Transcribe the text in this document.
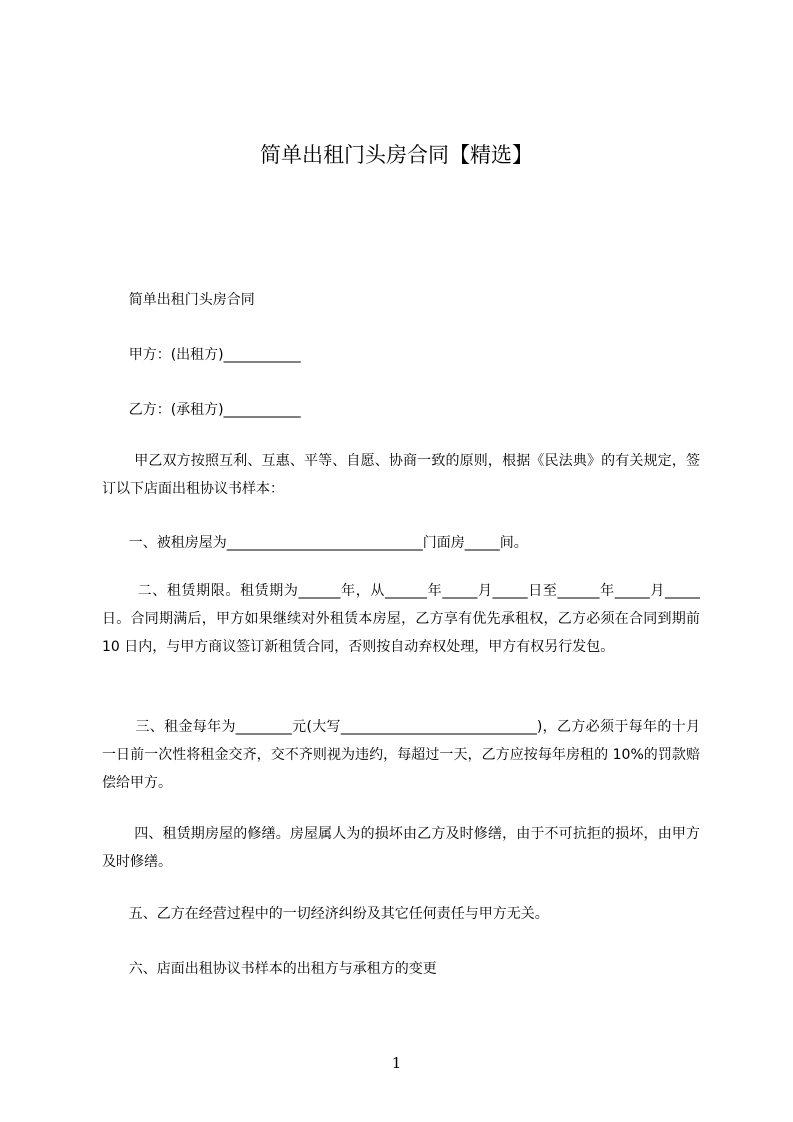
简单出租门头房合同【精选】

简单出租门头房合同

甲方：(出租方)___________

乙方：(承租方)___________

甲乙双方按照互利、互惠、平等、自愿、协商一致的原则，根据《民法典》的有关规定，签订以下店面出租协议书样本：

一、被租房屋为____________________________门面房_____间。

二、租赁期限。租赁期为______年，从______年_____月_____日至______年_____月_____日。合同期满后，甲方如果继续对外租赁本房屋，乙方享有优先承租权，乙方必须在合同到期前 10 日内，与甲方商议签订新租赁合同，否则按自动弃权处理，甲方有权另行发包。

三、租金每年为________元(大写____________________________)，乙方必须于每年的十月一日前一次性将租金交齐，交不齐则视为违约，每超过一天，乙方应按每年房租的 10%的罚款赔偿给甲方。

四、租赁期房屋的修缮。房屋属人为的损坏由乙方及时修缮，由于不可抗拒的损坏，由甲方及时修缮。

五、乙方在经营过程中的一切经济纠纷及其它任何责任与甲方无关。

六、店面出租协议书样本的出租方与承租方的变更

1
